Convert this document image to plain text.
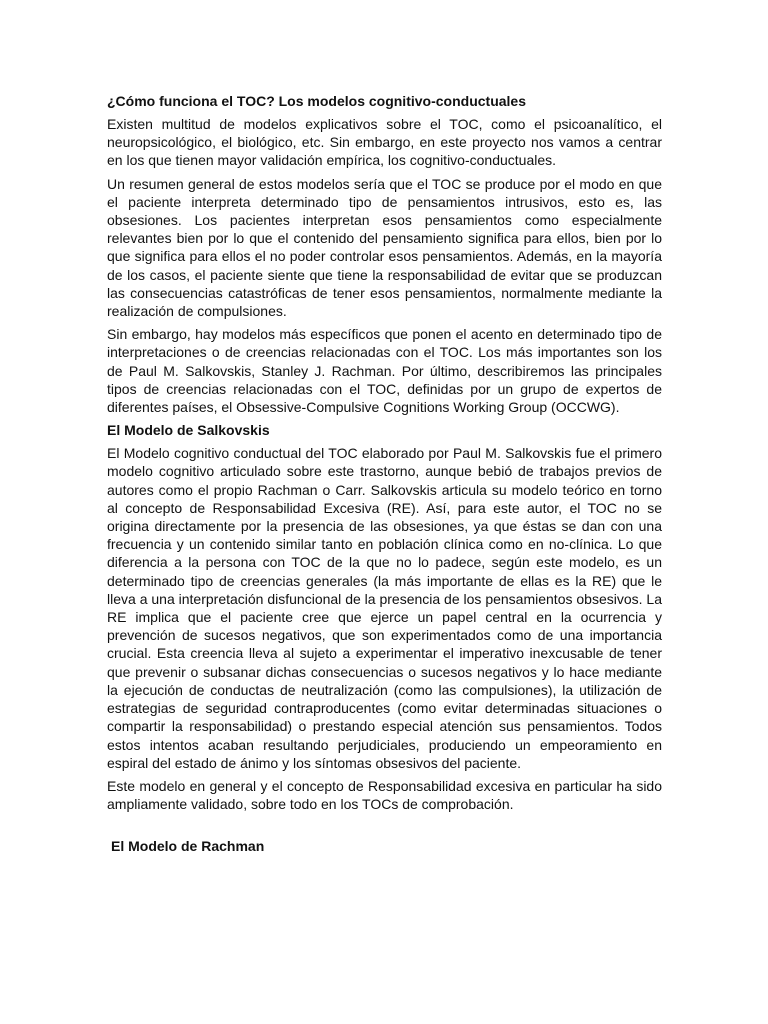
¿Cómo funciona el TOC? Los modelos cognitivo-conductuales

Existen multitud de modelos explicativos sobre el TOC, como el psicoanalítico, el neuropsicológico, el biológico, etc. Sin embargo, en este proyecto nos vamos a centrar en los que tienen mayor validación empírica, los cognitivo-conductuales.

Un resumen general de estos modelos sería que el TOC se produce por el modo en que el paciente interpreta determinado tipo de pensamientos intrusivos, esto es, las obsesiones. Los pacientes interpretan esos pensamientos como especialmente relevantes bien por lo que el contenido del pensamiento significa para ellos, bien por lo que significa para ellos el no poder controlar esos pensamientos. Además, en la mayoría de los casos, el paciente siente que tiene la responsabilidad de evitar que se produzcan las consecuencias catastróficas de tener esos pensamientos, normalmente mediante la realización de compulsiones.

Sin embargo, hay modelos más específicos que ponen el acento en determinado tipo de interpretaciones o de creencias relacionadas con el TOC. Los más importantes son los de Paul M. Salkovskis, Stanley J. Rachman. Por último, describiremos las principales tipos de creencias relacionadas con el TOC, definidas por un grupo de expertos de diferentes países, el Obsessive-Compulsive Cognitions Working Group (OCCWG).

El Modelo de Salkovskis

El Modelo cognitivo conductual del TOC elaborado por Paul M. Salkovskis fue el primero modelo cognitivo articulado sobre este trastorno, aunque bebió de trabajos previos de autores como el propio Rachman o Carr. Salkovskis articula su modelo teórico en torno al concepto de Responsabilidad Excesiva (RE). Así, para este autor, el TOC no se origina directamente por la presencia de las obsesiones, ya que éstas se dan con una frecuencia y un contenido similar tanto en población clínica como en no-clínica. Lo que diferencia a la persona con TOC de la que no lo padece, según este modelo, es un determinado tipo de creencias generales (la más importante de ellas es la RE) que le lleva a una interpretación disfuncional de la presencia de los pensamientos obsesivos. La RE implica que el paciente cree que ejerce un papel central en la ocurrencia y prevención de sucesos negativos, que son experimentados como de una importancia crucial. Esta creencia lleva al sujeto a experimentar el imperativo inexcusable de tener que prevenir o subsanar dichas consecuencias o sucesos negativos y lo hace mediante la ejecución de conductas de neutralización (como las compulsiones), la utilización de estrategias de seguridad contraproducentes (como evitar determinadas situaciones o compartir la responsabilidad) o prestando especial atención sus pensamientos. Todos estos intentos acaban resultando perjudiciales, produciendo un empeoramiento en espiral del estado de ánimo y los síntomas obsesivos del paciente.

Este modelo en general y el concepto de Responsabilidad excesiva en particular ha sido ampliamente validado, sobre todo en los TOCs de comprobación.

El Modelo de Rachman
